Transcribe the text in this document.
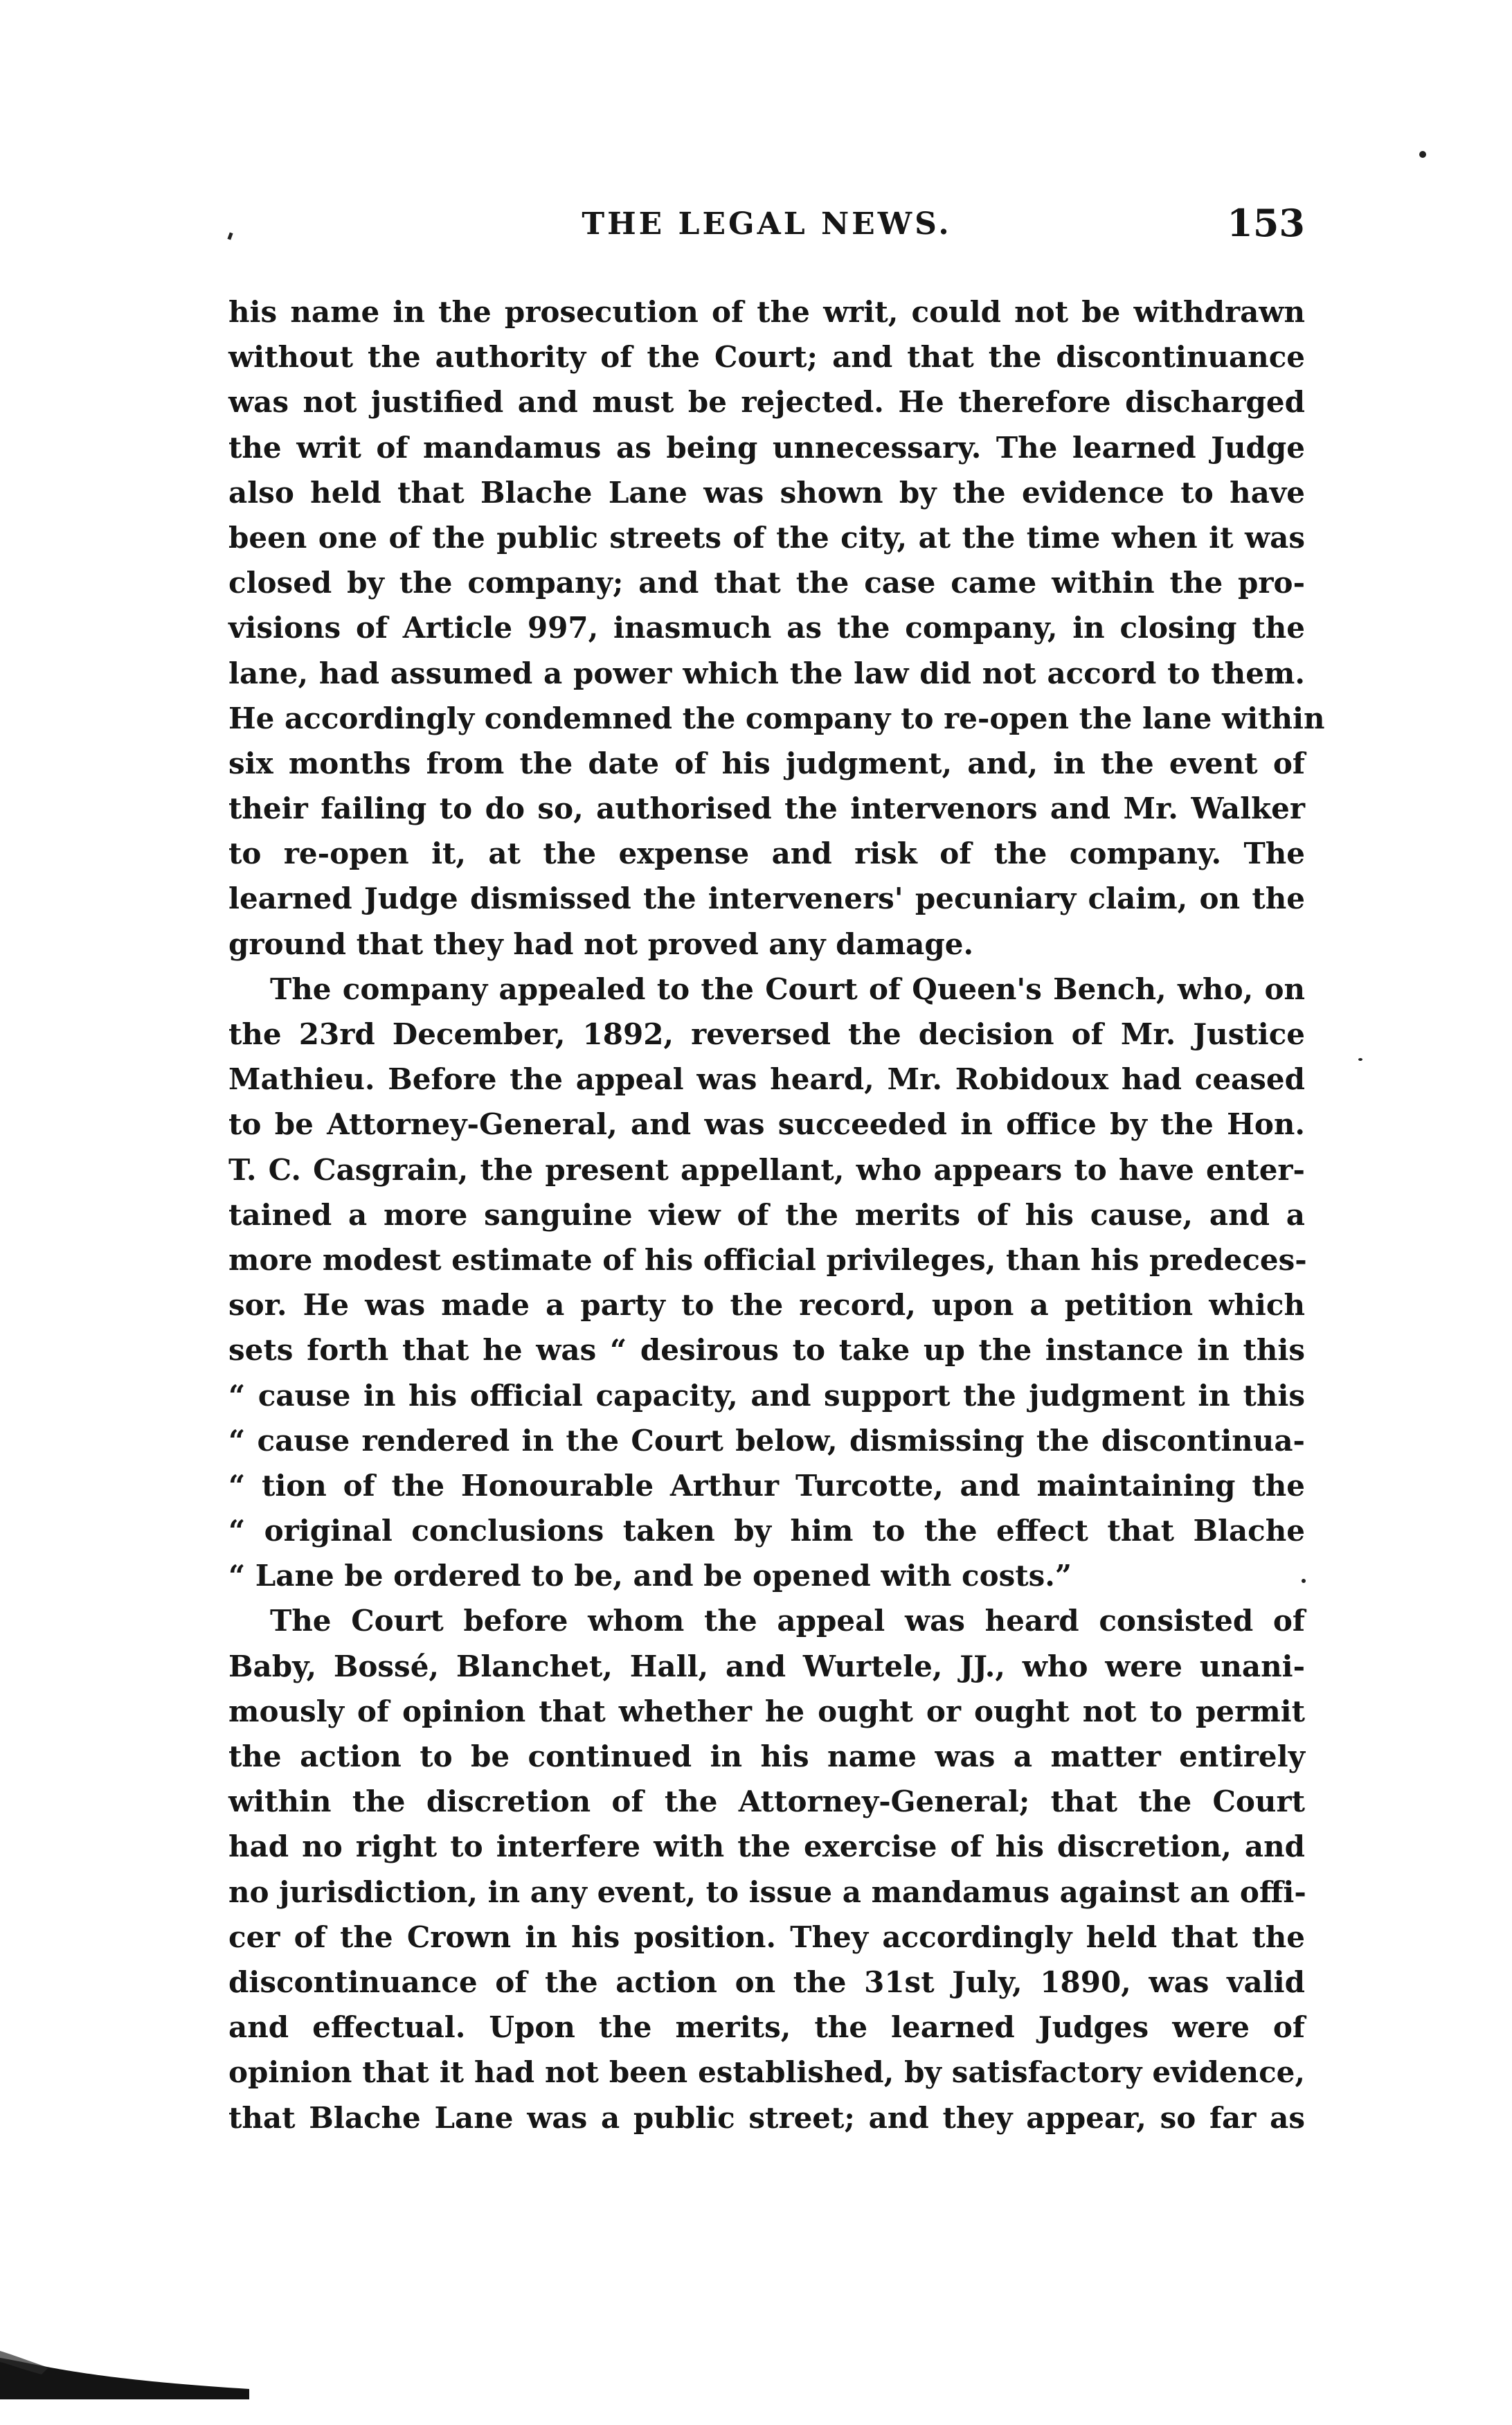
THE LEGAL NEWS.	153
his name in the prosecution of the writ, could not be withdrawn
without the authority of the Court; and that the discontinuance
was not justified and must be rejected. He therefore discharged
the writ of mandamus as being unnecessary. The learned Judge
also held that Blache Lane was shown by the evidence to have
been one of the public streets of the city, at the time when it was
closed by the company; and that the case came within the pro-
visions of Article 997, inasmuch as the company, in closing the
lane, had assumed a power which the law did not accord to them.
He accordingly condemned the company to re-open the lane within
six months from the date of his judgment, and, in the event of
their failing to do so, authorised the intervenors and Mr. Walker
to re-open it, at the expense and risk of the company. The
learned Judge dismissed the interveners' pecuniary claim, on the
ground that they had not proved any damage.
The company appealed to the Court of Queen's Bench, who, on
the 23rd December, 1892, reversed the decision of Mr. Justice
Mathieu. Before the appeal was heard, Mr. Robidoux had ceased
to be Attorney-General, and was succeeded in office by the Hon.
T. C. Casgrain, the present appellant, who appears to have enter-
tained a more sanguine view of the merits of his cause, and a
more modest estimate of his official privileges, than his predeces-
sor. He was made a party to the record, upon a petition which
sets forth that he was “ desirous to take up the instance in this
“ cause in his official capacity, and support the judgment in this
“ cause rendered in the Court below, dismissing the discontinua-
“ tion of the Honourable Arthur Turcotte, and maintaining the
“ original conclusions taken by him to the effect that Blache
“ Lane be ordered to be, and be opened with costs.”
The Court before whom the appeal was heard consisted of
Baby, Bossé, Blanchet, Hall, and Wurtele, JJ., who were unani-
mously of opinion that whether he ought or ought not to permit
the action to be continued in his name was a matter entirely
within the discretion of the Attorney-General; that the Court
had no right to interfere with the exercise of his discretion, and
no jurisdiction, in any event, to issue a mandamus against an offi-
cer of the Crown in his position. They accordingly held that the
discontinuance of the action on the 31st July, 1890, was valid
and effectual. Upon the merits, the learned Judges were of
opinion that it had not been established, by satisfactory evidence,
that Blache Lane was a public street; and they appear, so far as
